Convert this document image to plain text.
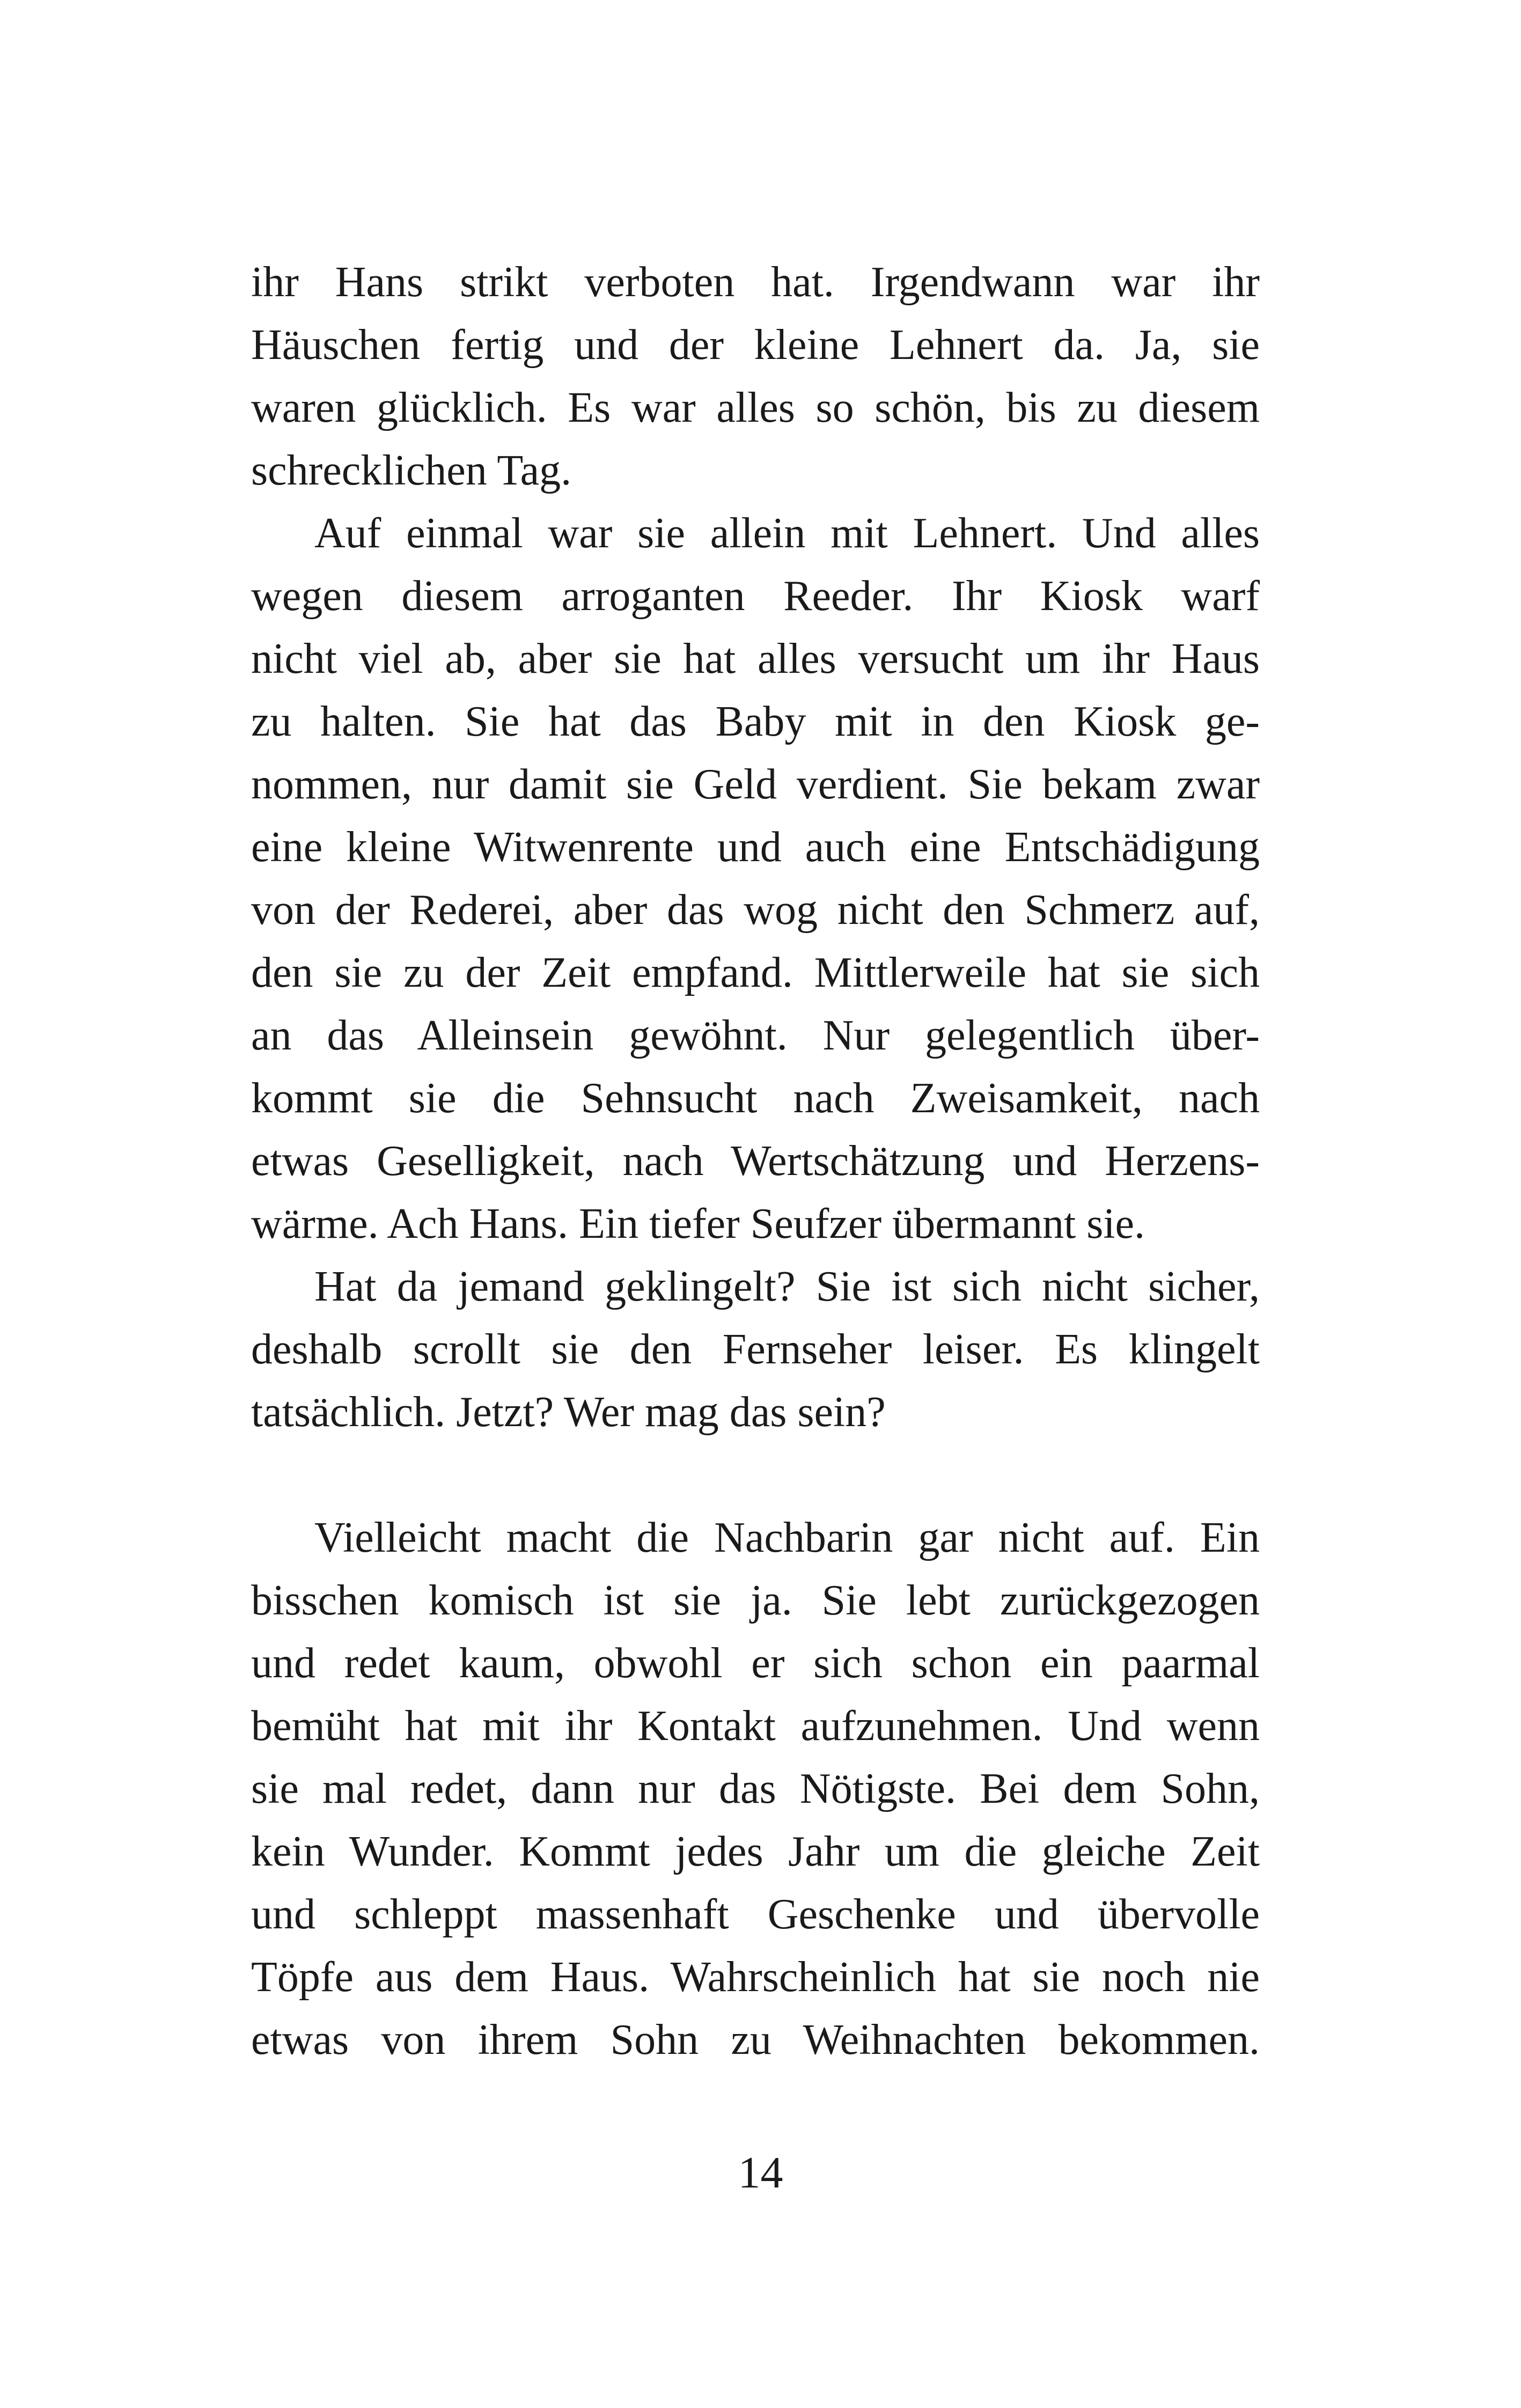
ihr Hans strikt verboten hat. Irgendwann war ihr
Häuschen fertig und der kleine Lehnert da. Ja, sie
waren glücklich. Es war alles so schön, bis zu diesem
schrecklichen Tag.
Auf einmal war sie allein mit Lehnert. Und alles
wegen diesem arroganten Reeder. Ihr Kiosk warf
nicht viel ab, aber sie hat alles versucht um ihr Haus
zu halten. Sie hat das Baby mit in den Kiosk ge-
nommen, nur damit sie Geld verdient. Sie bekam zwar
eine kleine Witwenrente und auch eine Entschädigung
von der Rederei, aber das wog nicht den Schmerz auf,
den sie zu der Zeit empfand. Mittlerweile hat sie sich
an das Alleinsein gewöhnt. Nur gelegentlich über-
kommt sie die Sehnsucht nach Zweisamkeit, nach
etwas Geselligkeit, nach Wertschätzung und Herzens-
wärme. Ach Hans. Ein tiefer Seufzer übermannt sie.
Hat da jemand geklingelt? Sie ist sich nicht sicher,
deshalb scrollt sie den Fernseher leiser. Es klingelt
tatsächlich. Jetzt? Wer mag das sein?
Vielleicht macht die Nachbarin gar nicht auf. Ein
bisschen komisch ist sie ja. Sie lebt zurückgezogen
und redet kaum, obwohl er sich schon ein paarmal
bemüht hat mit ihr Kontakt aufzunehmen. Und wenn
sie mal redet, dann nur das Nötigste. Bei dem Sohn,
kein Wunder. Kommt jedes Jahr um die gleiche Zeit
und schleppt massenhaft Geschenke und übervolle
Töpfe aus dem Haus. Wahrscheinlich hat sie noch nie
etwas von ihrem Sohn zu Weihnachten bekommen.
14
